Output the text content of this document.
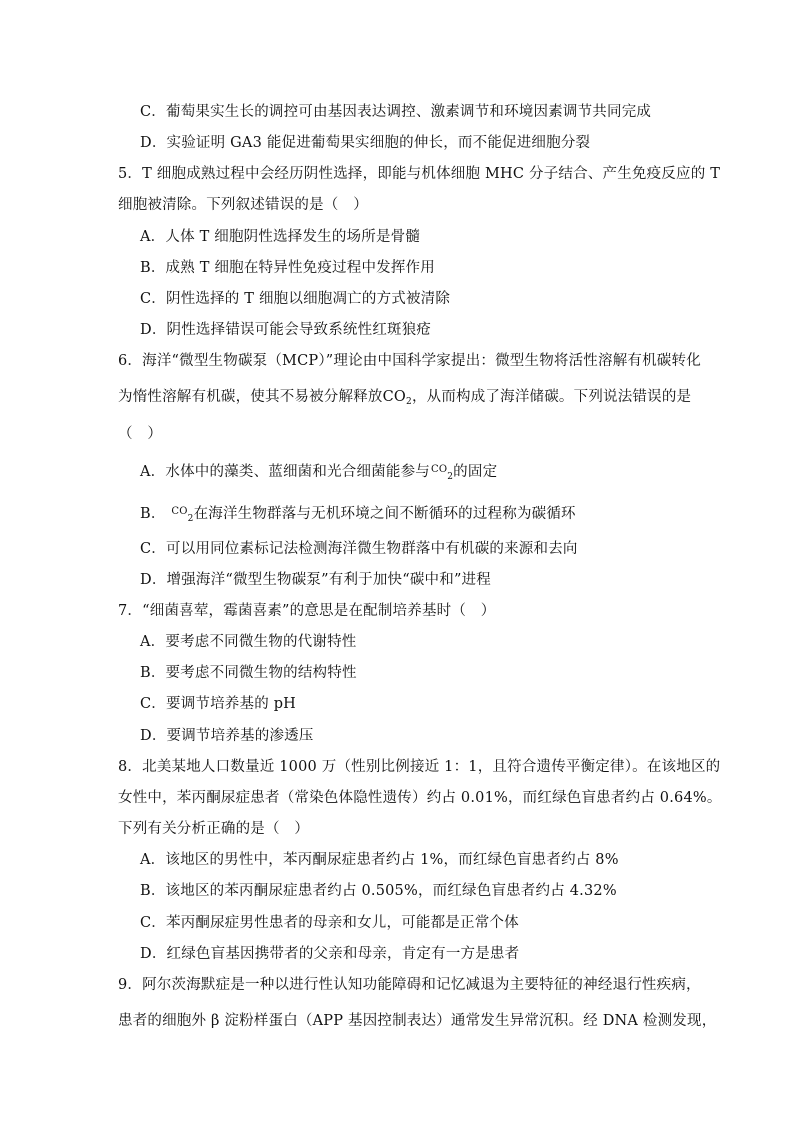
C．葡萄果实生长的调控可由基因表达调控、激素调节和环境因素调节共同完成
D．实验证明 GA3 能促进葡萄果实细胞的伸长，而不能促进细胞分裂
5．T 细胞成熟过程中会经历阴性选择，即能与机体细胞 MHC 分子结合、产生免疫反应的 T
细胞被清除。下列叙述错误的是（　）
A．人体 T 细胞阴性选择发生的场所是骨髓
B．成熟 T 细胞在特异性免疫过程中发挥作用
C．阴性选择的 T 细胞以细胞凋亡的方式被清除
D．阴性选择错误可能会导致系统性红斑狼疮
6．海洋“微型生物碳泵（MCP）”理论由中国科学家提出：微型生物将活性溶解有机碳转化
为惰性溶解有机碳，使其不易被分解释放$CO_2$，从而构成了海洋储碳。下列说法错误的是
（　）
A．水体中的藻类、蓝细菌和光合细菌能参与$^{CO}_2$的固定
B． $^{CO}_2$在海洋生物群落与无机环境之间不断循环的过程称为碳循环
C．可以用同位素标记法检测海洋微生物群落中有机碳的来源和去向
D．增强海洋“微型生物碳泵”有利于加快“碳中和”进程
7．“细菌喜荤，霉菌喜素”的意思是在配制培养基时（　）
A．要考虑不同微生物的代谢特性
B．要考虑不同微生物的结构特性
C．要调节培养基的 pH
D．要调节培养基的渗透压
8．北美某地人口数量近 1000 万（性别比例接近 1：1，且符合遗传平衡定律）。在该地区的
女性中，苯丙酮尿症患者（常染色体隐性遗传）约占 0.01%，而红绿色盲患者约占 0.64%。
下列有关分析正确的是（　）
A．该地区的男性中，苯丙酮尿症患者约占 1%，而红绿色盲患者约占 8%
B．该地区的苯丙酮尿症患者约占 0.505%，而红绿色盲患者约占 4.32%
C．苯丙酮尿症男性患者的母亲和女儿，可能都是正常个体
D．红绿色盲基因携带者的父亲和母亲，肯定有一方是患者
9．阿尔茨海默症是一种以进行性认知功能障碍和记忆减退为主要特征的神经退行性疾病，
患者的细胞外 β 淀粉样蛋白（APP 基因控制表达）通常发生异常沉积。经 DNA 检测发现，
